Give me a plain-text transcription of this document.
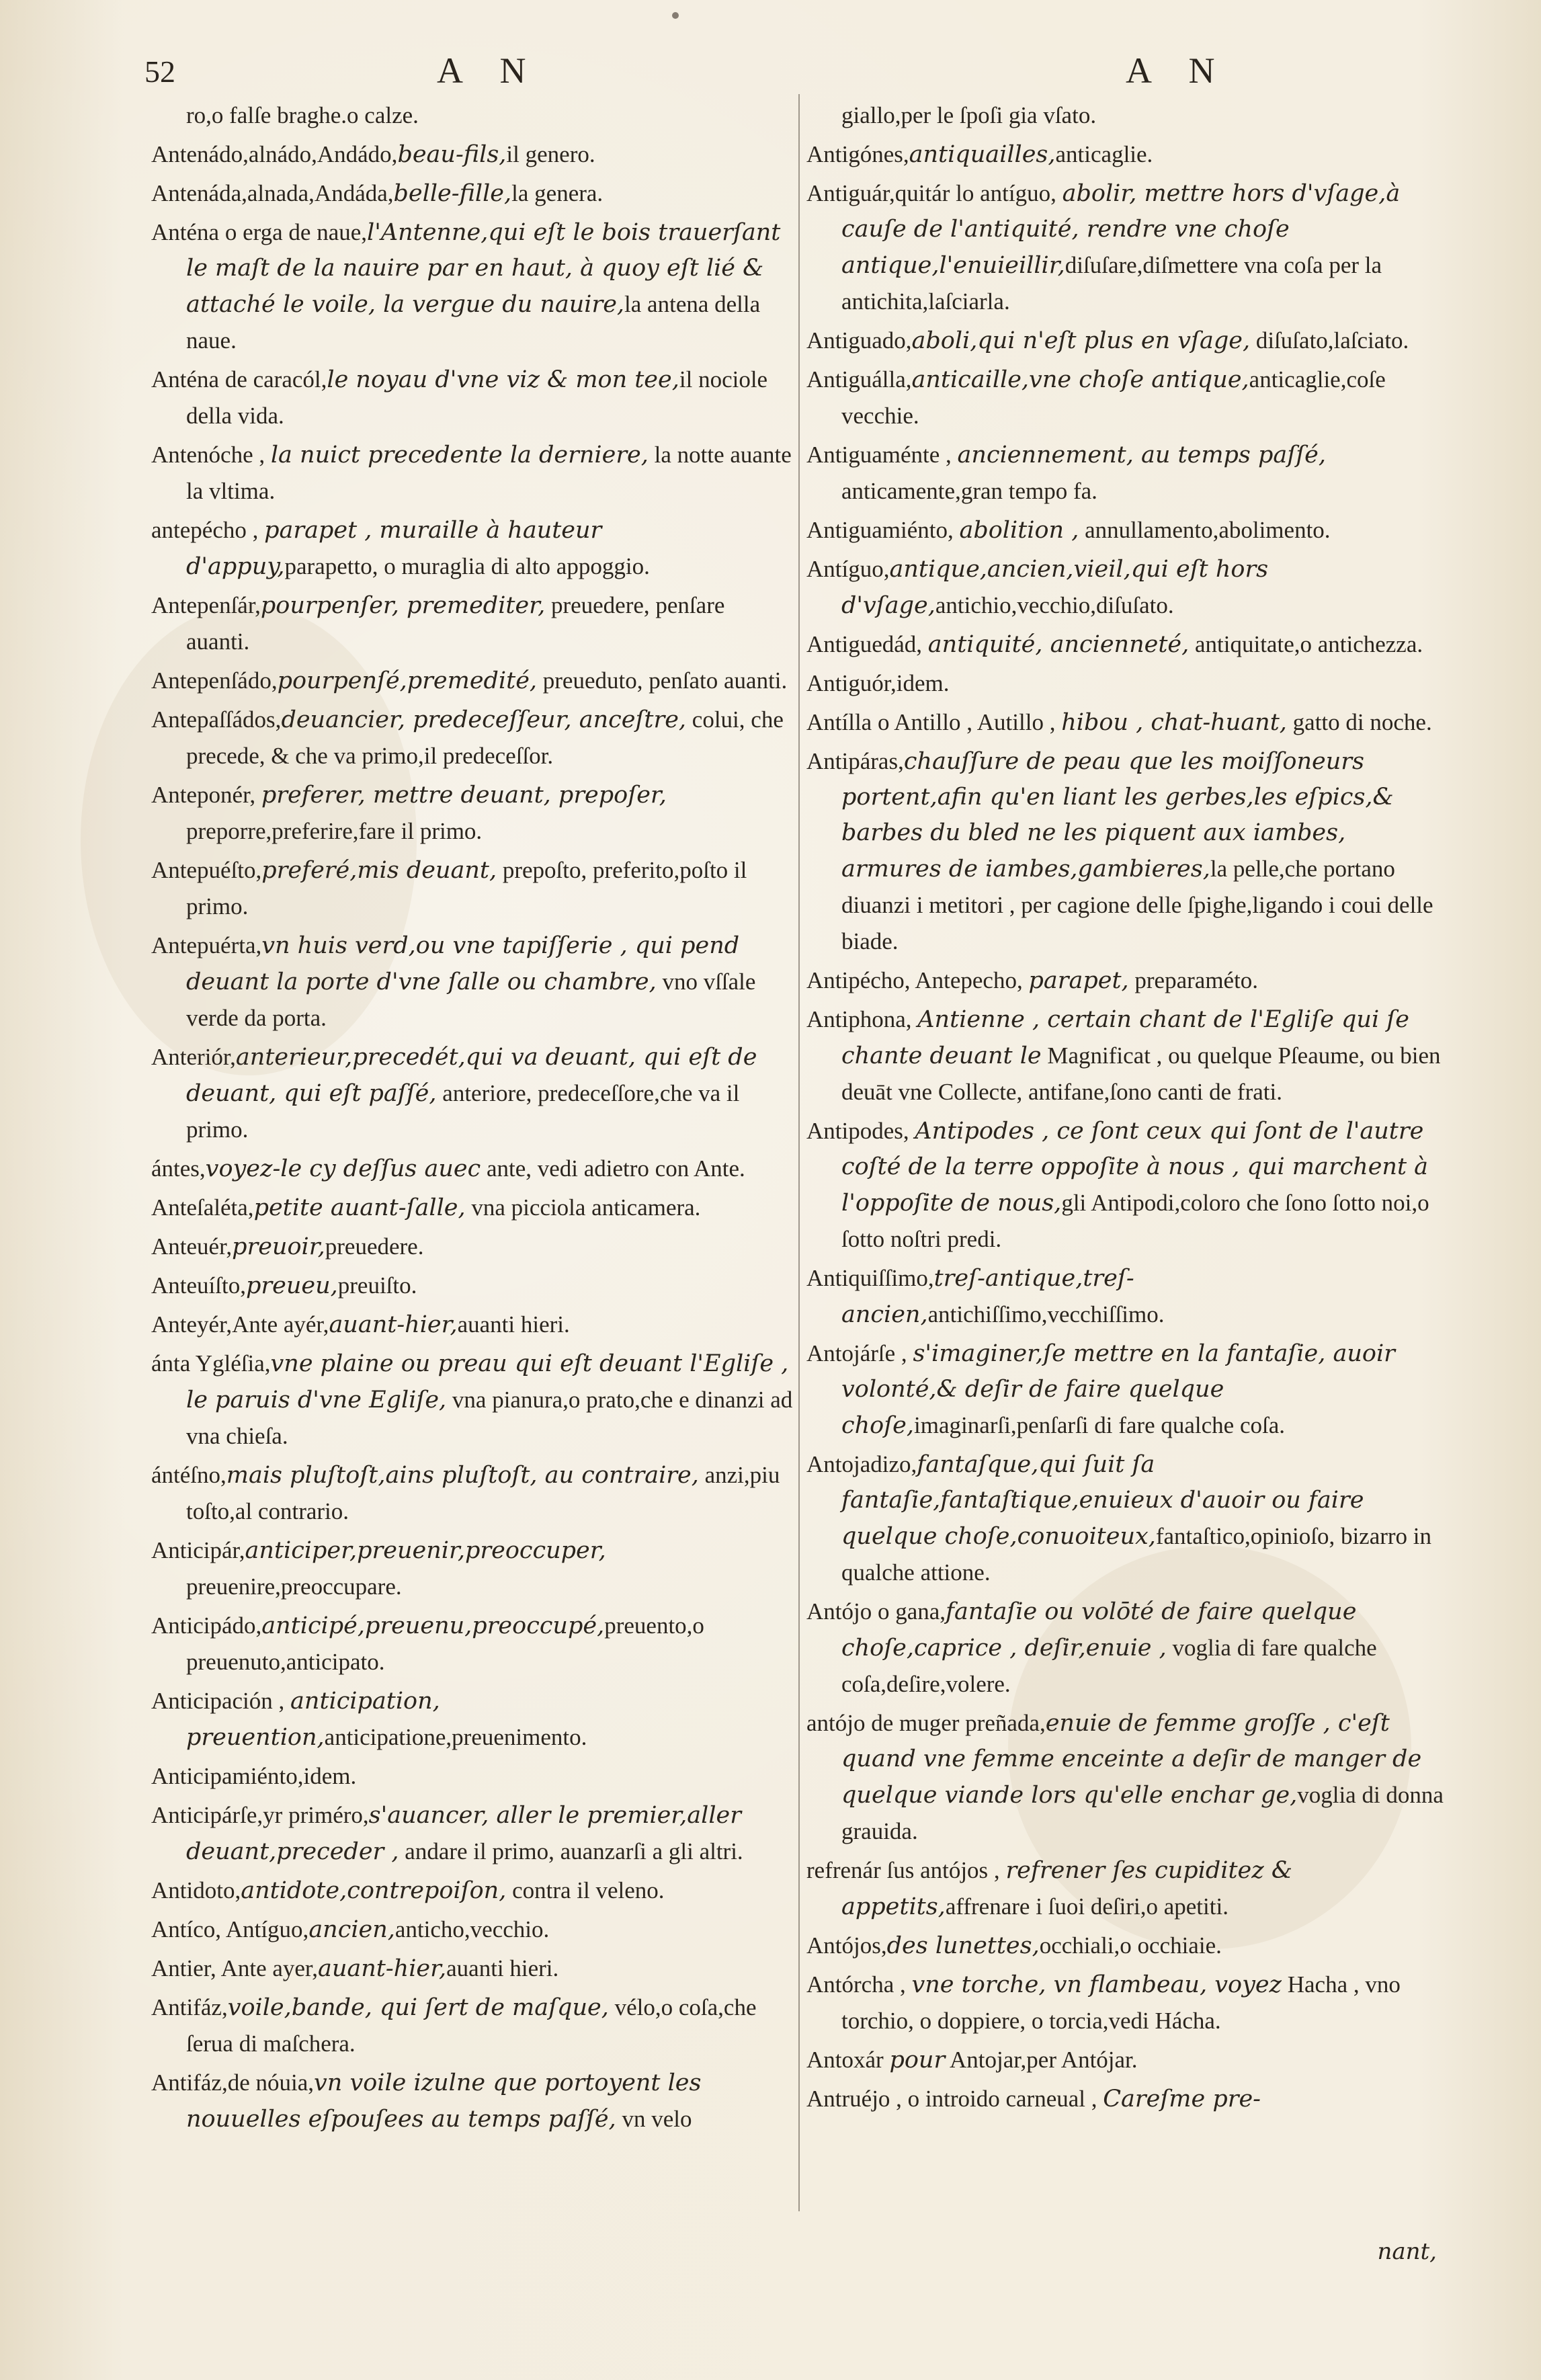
52	A N	A N
ro,o falſe braghe.o calze.
Antenádo,alnádo,Andádo,beau-fils,il genero.
Antenáda,alnada,Andáda,belle-fille,la genera.
Anténa o erga de naue,l'Antenne,qui eſt le bois trauerſant le maſt de la nauire par en haut, à quoy eſt lié & attaché le voile, la vergue du nauire,la antena della naue.
Anténa de caracól,le noyau d'vne viz & mon tee,il nociole della vida.
Antenóche , la nuict precedente la derniere, la notte auante la vltima.
antepécho , parapet , muraille à hauteur d'appuy,parapetto, o muraglia di alto appoggio.
Antepenſár,pourpenſer, premediter, preuedere, penſare auanti.
Antepenſádo,pourpenſé,premedité, preueduto, penſato auanti.
Antepaſſádos,deuancier, predeceſſeur, anceſtre, colui, che precede, & che va primo,il predeceſſor.
Anteponér, preferer, mettre deuant, prepoſer, preporre,preferire,fare il primo.
Antepuéſto,preferé,mis deuant, prepoſto, preferito,poſto il primo.
Antepuérta,vn huis verd,ou vne tapiſſerie , qui pend deuant la porte d'vne ſalle ou chambre, vno vſſale verde da porta.
Anteriór,anterieur,precedét,qui va deuant, qui eſt de deuant, qui eſt paſſé, anteriore, predeceſſore,che va il primo.
ántes,voyez-le cy deſſus auec ante, vedi adietro con Ante.
Anteſaléta,petite auant-ſalle, vna picciola anticamera.
Anteuér,preuoir,preuedere.
Anteuíſto,preueu,preuiſto.
Anteyér,Ante ayér,auant-hier,auanti hieri.
ánta Ygléſia,vne plaine ou preau qui eſt deuant l'Egliſe , le paruis d'vne Egliſe, vna pianura,o prato,che e dinanzi ad vna chieſa.
ántéſno,mais pluſtoſt,ains pluſtoſt, au contraire, anzi,piu toſto,al contrario.
Anticipár,anticiper,preuenir,preoccuper, preuenire,preoccupare.
Anticipádo,anticipé,preuenu,preoccupé,preuento,o preuenuto,anticipato.
Anticipación , anticipation, preuention,anticipatione,preuenimento.
Anticipamiénto,idem.
Anticipárſe,yr priméro,s'auancer, aller le premier,aller deuant,preceder , andare il primo, auanzarſi a gli altri.
Antidoto,antidote,contrepoiſon, contra il veleno.
Antíco, Antíguo,ancien,anticho,vecchio.
Antier, Ante ayer,auant-hier,auanti hieri.
Antifáz,voile,bande, qui ſert de maſque, vélo,o coſa,che ſerua di maſchera.
Antifáz,de nóuia,vn voile izulne que portoyent les nouuelles eſpouſees au temps paſſé, vn velo
giallo,per le ſpoſi gia vſato.
Antigónes,antiquailles,anticaglie.
Antiguár,quitár lo antíguo, abolir, mettre hors d'vſage,à cauſe de l'antiquité, rendre vne choſe antique,l'enuieillir,diſuſare,diſmettere vna coſa per la antichita,laſciarla.
Antiguado,aboli,qui n'eſt plus en vſage, diſuſato,laſciato.
Antiguálla,anticaille,vne choſe antique,anticaglie,coſe vecchie.
Antiguaménte , anciennement, au temps paſſé, anticamente,gran tempo fa.
Antiguamiénto, abolition , annullamento,abolimento.
Antíguo,antique,ancien,vieil,qui eſt hors d'vſage,antichio,vecchio,diſuſato.
Antiguedád, antiquité, ancienneté, antiquitate,o antichezza.
Antiguór,idem.
Antílla o Antillo , Autillo , hibou , chat-huant, gatto di noche.
Antipáras,chauſſure de peau que les moiſſoneurs portent,afin qu'en liant les gerbes,les eſpics,& barbes du bled ne les piquent aux iambes, armures de iambes,gambieres,la pelle,che portano diuanzi i metitori , per cagione delle ſpighe,ligando i coui delle biade.
Antipécho, Antepecho, parapet, preparaméto.
Antiphona, Antienne , certain chant de l'Egliſe qui ſe chante deuant le Magnificat , ou quelque Pſeaume, ou bien deuāt vne Collecte, antifane,ſono canti de frati.
Antipodes, Antipodes , ce ſont ceux qui ſont de l'autre coſté de la terre oppoſite à nous , qui marchent à l'oppoſite de nous,gli Antipodi,coloro che ſono ſotto noi,o ſotto noſtri predi.
Antiquiſſimo,treſ-antique,treſ-ancien,antichiſſimo,vecchiſſimo.
Antojárſe , s'imaginer,ſe mettre en la fantaſie, auoir volonté,& deſir de faire quelque choſe,imaginarſi,penſarſi di fare qualche coſa.
Antojadizo,fantaſque,qui ſuit ſa fantaſie,fantaſtique,enuieux d'auoir ou faire quelque choſe,conuoiteux,fantaſtico,opinioſo, bizarro in qualche attione.
Antójo o gana,fantaſie ou volōté de faire quelque choſe,caprice , deſir,enuie , voglia di fare qualche coſa,deſire,volere.
antójo de muger preñada,enuie de femme groſſe , c'eſt quand vne femme enceinte a deſir de manger de quelque viande lors qu'elle enchar ge,voglia di donna grauida.
refrenár ſus antójos , refrener ſes cupiditez & appetits,affrenare i ſuoi deſiri,o apetiti.
Antójos,des lunettes,occhiali,o occhiaie.
Antórcha , vne torche, vn flambeau, voyez Hacha , vno torchio, o doppiere, o torcia,vedi Hácha.
Antoxár pour Antojar,per Antójar.
Antruéjo , o introido carneual , Careſme pre-
nant,
